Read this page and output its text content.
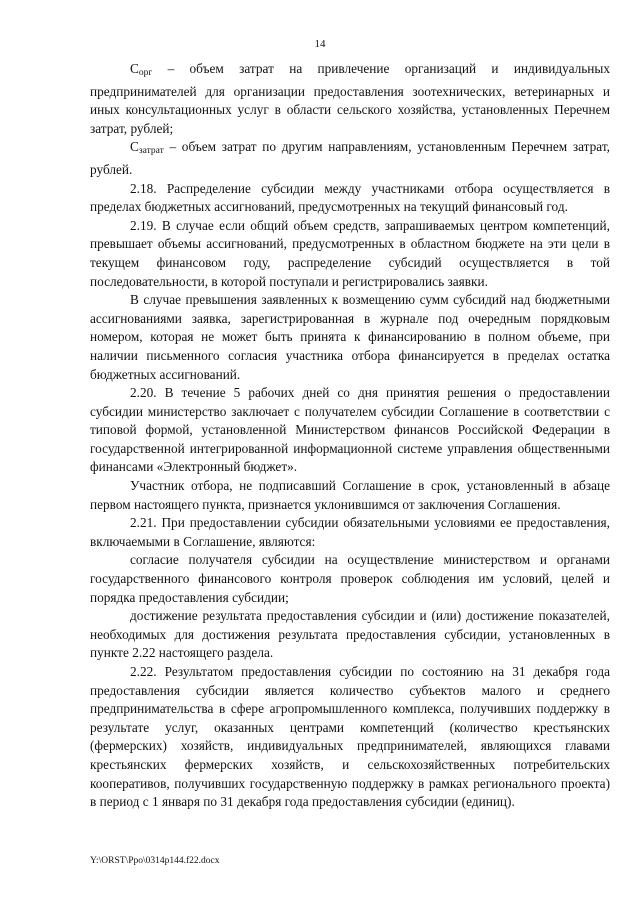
14

$С_{орг}$ – объем затрат на привлечение организаций и индивидуальных предпринимателей для организации предоставления зоотехнических, ветеринарных и иных консультационных услуг в области сельского хозяйства, установленных Перечнем затрат, рублей;

$С_{затрат}$ – объем затрат по другим направлениям, установленным Перечнем затрат, рублей.

2.18. Распределение субсидии между участниками отбора осуществляется в пределах бюджетных ассигнований, предусмотренных на текущий финансовый год.

2.19. В случае если общий объем средств, запрашиваемых центром компетенций, превышает объемы ассигнований, предусмотренных в областном бюджете на эти цели в текущем финансовом году, распределение субсидий осуществляется в той последовательности, в которой поступали и регистрировались заявки.

В случае превышения заявленных к возмещению сумм субсидий над бюджетными ассигнованиями заявка, зарегистрированная в журнале под очередным порядковым номером, которая не может быть принята к финансированию в полном объеме, при наличии письменного согласия участника отбора финансируется в пределах остатка бюджетных ассигнований.

2.20. В течение 5 рабочих дней со дня принятия решения о предоставлении субсидии министерство заключает с получателем субсидии Соглашение в соответствии с типовой формой, установленной Министерством финансов Российской Федерации в государственной интегрированной информационной системе управления общественными финансами «Электронный бюджет».

Участник отбора, не подписавший Соглашение в срок, установленный в абзаце первом настоящего пункта, признается уклонившимся от заключения Соглашения.

2.21. При предоставлении субсидии обязательными условиями ее предоставления, включаемыми в Соглашение, являются:

согласие получателя субсидии на осуществление министерством и органами государственного финансового контроля проверок соблюдения им условий, целей и порядка предоставления субсидии;

достижение результата предоставления субсидии и (или) достижение показателей, необходимых для достижения результата предоставления субсидии, установленных в пункте 2.22 настоящего раздела.

2.22. Результатом предоставления субсидии по состоянию на 31 декабря года предоставления субсидии является количество субъектов малого и среднего предпринимательства в сфере агропромышленного комплекса, получивших поддержку в результате услуг, оказанных центрами компетенций (количество крестьянских (фермерских) хозяйств, индивидуальных предпринимателей, являющихся главами крестьянских фермерских хозяйств, и сельскохозяйственных потребительских кооперативов, получивших государственную поддержку в рамках регионального проекта) в период с 1 января по 31 декабря года предоставления субсидии (единиц).

Y:\ORST\Ppo\0314p144.f22.docx
